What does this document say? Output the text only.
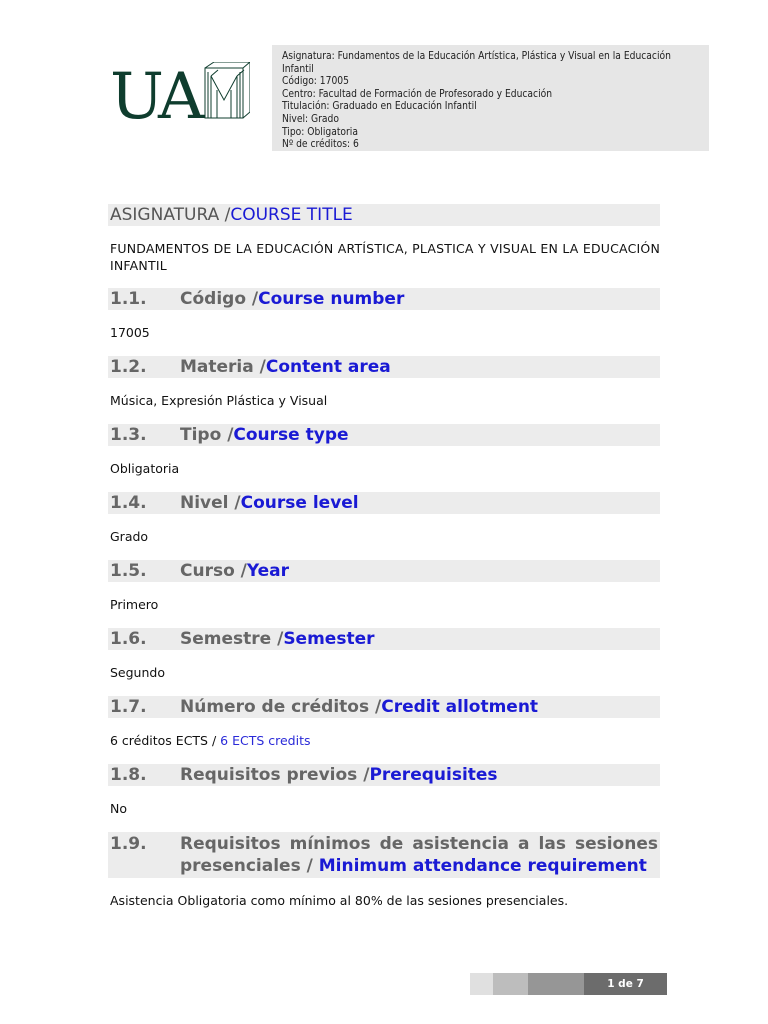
UA
Asignatura: Fundamentos de la Educación Artística, Plástica y Visual en la Educación Infantil
Código: 17005
Centro: Facultad de Formación de Profesorado y Educación
Titulación: Graduado en Educación Infantil
Nivel: Grado
Tipo: Obligatoria
Nº de créditos: 6
ASIGNATURA / COURSE TITLE
FUNDAMENTOS DE LA EDUCACIÓN ARTÍSTICA, PLASTICA Y VISUAL EN LA EDUCACIÓN INFANTIL
1.1.	Código / Course number
17005
1.2.	Materia / Content area
Música, Expresión Plástica y Visual
1.3.	Tipo / Course type
Obligatoria
1.4.	Nivel / Course level
Grado
1.5.	Curso / Year
Primero
1.6.	Semestre / Semester
Segundo
1.7.	Número de créditos / Credit allotment
6 créditos ECTS / 6 ECTS credits
1.8.	Requisitos previos / Prerequisites
No
1.9.	Requisitos mínimos de asistencia a las sesiones presenciales / Minimum attendance requirement
Asistencia Obligatoria como mínimo al 80% de las sesiones presenciales.
1 de 7
